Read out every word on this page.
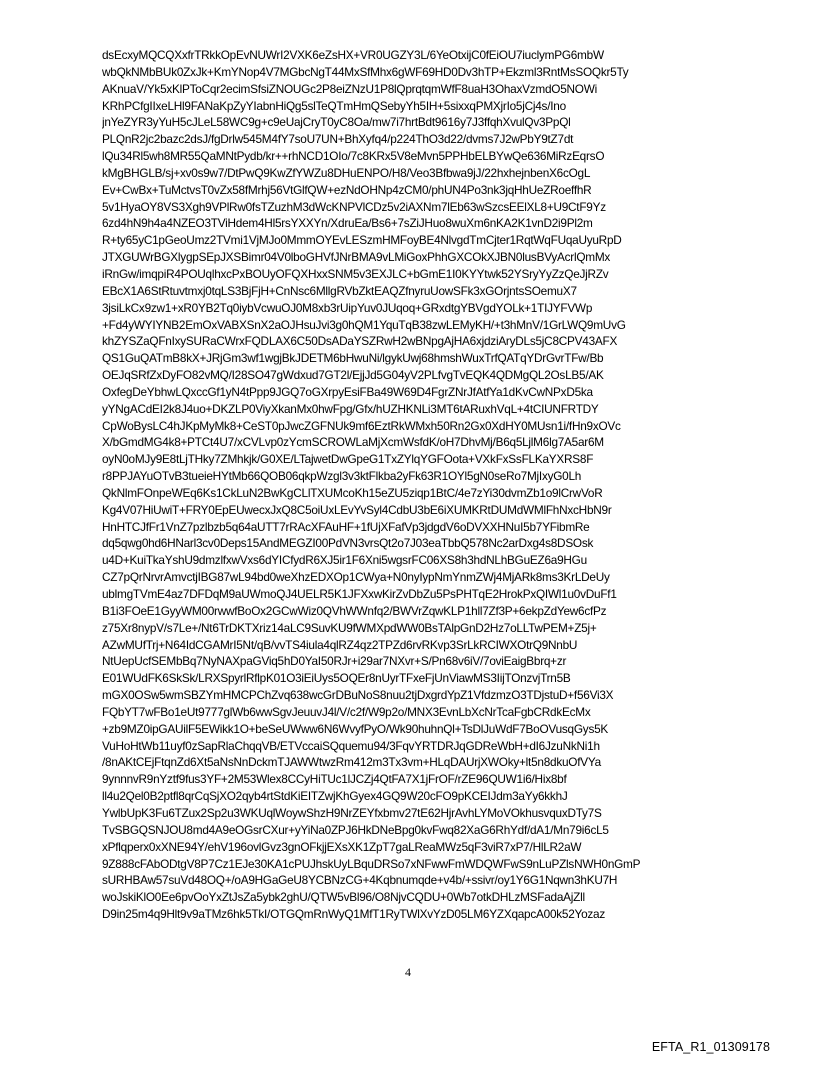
dsEcxyMQCQXxfrTRkkOpEvNUWrI2VXK6eZsHX+VR0UGZY3L/6YeOtxijC0fEiOU7iuclymPG6mbW
wbQkNMbBUk0ZxJk+KmYNop4V7MGbcNgT44MxSfMhx6gWF69HD0Dv3hTP+Ekzml3RntMsSOQkr5Ty
AKnuaV/Yk5xKlPToCqr2ecimSfsiZNOUGc2P8eiZNzU1P8lQprqtqmWfF8uaH3OhaxVzmdO5NOWi
KRhPCfgIIxeLHl9FANaKpZyYIabnHiQg5slTeQTmHmQSebyYh5IH+5sixxqPMXjrIo5jCj4s/Ino
jnYeZYR3yYuH5cJLeL58WC9g+c9eUajCryT0yC8Oa/mw7i7hrtBdt9616y7J3ffqhXvulQv3PpQl
PLQnR2jc2bazc2dsJ/fgDrlw545M4fY7soU7UN+BhXyfq4/p224ThO3d22/dvms7J2wPbY9tZ7dt
lQu34Rl5wh8MR55QaMNtPydb/kr++rhNCD1OIo/7c8KRx5V8eMvn5PPHbELBYwQe636MiRzEqrsO
kMgBHGLB/sj+xv0s9w7/DtPwQ9KwZfYWZu8DHuENPO/H8/Veo3Bfbwa9jJ/22hxhejnbenX6cOgL
Ev+CwBx+TuMctvsT0vZx58fMrhj56VtGlfQW+ezNdOHNp4zCM0/phUN4Po3nk3jqHhUeZRoeffhR
5v1HyaOY8VS3Xgh9VPlRw0fsTZuzhM3dWcKNPVlCDz5v2iAXNm7lEb63wSzcsEElXL8+U9CtF9Yz
6zd4hN9h4a4NZEO3TViHdem4Hl5rsYXXYn/XdruEa/Bs6+7sZiJHuo8wuXm6nKA2K1vnD2i9Pl2m
R+ty65yC1pGeoUmz2TVmi1VjMJo0MmmOYEvLESzmHMFoyBE4NlvgdTmCjter1RqtWqFUqaUyuRpD
JTXGUWrBGXlygpSEpJXSBimr04V0lboGHVfJNrBMA9vLMiGoxPhhGXCOkXJBN0lusBVyAcrlQmMx
iRnGw/imqpiR4POUqlhxcPxBOUyOFQXHxxSNM5v3EXJLC+bGmE1I0KYYtwk52YSryYyZzQeJjRZv
EBcX1A6StRtuvtmxj0tqLS3BjFjH+CnNsc6MllgRVbZktEAQZfnyruUowSFk3xGOrjntsSOemuX7
3jsiLkCx9zw1+xR0YB2Tq0iybVcwuOJ0M8xb3rUipYuv0JUqoq+GRxdtgYBVgdYOLk+1TIJYFVWp
+Fd4yWYIYNB2EmOxVABXSnX2aOJHsuJvi3g0hQM1YquTqB38zwLEMyKH/+t3hMnV/1GrLWQ9mUvG
khZYSZaQFnIxySURaCWrxFQDLAX6C50DsADaYSZRwH2wBNpgAjHA6xjdziAryDLs5jC8CPV43AFX
QS1GuQATmB8kX+JRjGm3wf1wgjBkJDETM6bHwuNi/lgykUwj68hmshWuxTrfQATqYDrGvrTFw/Bb
OEJqSRfZxDyFO82vMQ/I28SO47gWdxud7GT2l/EjjJd5G04yV2PLfvgTvEQK4QDMgQL2OsLB5/AK
OxfegDeYbhwLQxccGf1yN4tPpp9JGQ7oGXrpyEsiFBa49W69D4FgrZNrJfAtfYa1dKvCwNPxD5ka
yYNgACdEI2k8J4uo+DKZLP0ViyXkanMx0hwFpg/Gfx/hUZHKNLi3MT6tARuxhVqL+4tCIUNFRTDY
CpWoBysLC4hJKpMyMk8+CeST0pJwcZGFNUk9mf6EztRkWMxh50Rn2Gx0XdHY0MUsn1i/fHn9xOVc
X/bGmdMG4k8+PTCt4U7/xCVLvp0zYcmSCROWLaMjXcmWsfdK/oH7DhvMj/B6q5LjlM6lg7A5ar6M
oyN0oMJy9E8tLjTHky7ZMhkjk/G0XE/LTajwetDwGpeG1TxZYlqYGFOota+VXkFxSsFLKaYXRS8F
r8PPJAYuOTvB3tueieHYtMb66QOB06qkpWzgl3v3ktFlkba2yFk63R1OYl5gN0seRo7MjIxyG0Lh
QkNlmFOnpeWEq6Ks1CkLuN2BwKgCLlTXUMcoKh15eZU5ziqp1BtC/4e7zYi30dvmZb1o9lCrwVoR
Kg4V07HiUwiT+FRY0EpEUwecxJxQ8C5oiUxLEvYvSyl4CdbU3bE6iXUMKRtDUMdWMlFhNxcHbN9r
HnHTCJfFr1VnZ7pzlbzb5q64aUTT7rRAcXFAuHF+1fUjXFafVp3jdgdV6oDVXXHNuI5b7YFibmRe
dq5qwg0hd6HNarl3cv0Deps15AndMEGZI00PdVN3vrsQt2o7J03eaTbbQ578Nc2arDxg4s8DSOsk
u4D+KuiTkaYshU9dmzlfxwVxs6dYICfydR6XJ5ir1F6Xni5wgsrFC06XS8h3hdNLhBGuEZ6a9HGu
CZ7pQrNrvrAmvctjIBG87wL94bd0weXhzEDXOp1CWya+N0nyIypNmYnmZWj4MjARk8ms3KrLDeUy
ublmgTVmE4az7DFDqM9aUWmoQJ4UELR5K1JFXxwKirZvDbZu5PsPHTqE2HrokPxQIWl1u0vDuFf1
B1i3FOeE1GyyWM00rwwfBoOx2GCwWiz0QVhWWnfq2/BWVrZqwKLP1hll7Zf3P+6ekpZdYew6cfPz
z75Xr8nypV/s7Le+/Nt6TrDKTXriz14aLC9SuvKU9fWMXpdWW0BsTAlpGnD2Hz7oLLTwPEM+Z5j+
AZwMUfTrj+N64IdCGAMrI5Nt/qB/vvTS4iula4qlRZ4qz2TPZd6rvRKvp3SrLkRCIWXOtrQ9NnbU
NtUepUcfSEMbBq7NyNAXpaGViq5hD0YaI50RJr+i29ar7NXvr+S/Pn68v6iV/7oviEaigBbrq+zr
E01WUdFK6SkSk/LRXSpyrlRflpK01O3iEiUys5OQEr8nUyrTFxeFjUnViawMS3IijTOnzvjTrn5B
mGX0OSw5wmSBZYmHMCPChZvq638wcGrDBuNoS8nuu2tjDxgrdYpZ1VfdzmzO3TDjstuD+f56Vi3X
FQbYT7wFBo1eUt9777glWb6wwSgvJeuuvJ4l/V/c2f/W9p2o/MNX3EvnLbXcNrTcaFgbCRdkEcMx
+zb9MZ0ipGAUilF5EWikk1O+beSeUWww6N6WvyfPyO/Wk90huhnQl+TsDlJuWdF7BoOVusqGys5K
VuHoHtWb11uyf0zSapRlaChqqVB/ETVccaiSQquemu94/3FqvYRTDRJqGDReWbH+dI6JzuNkNi1h
/8nAKtCEjFtqnZd6Xt5aNsNnDckmTJAWWtwzRm412m3Tx3vm+HLqDAUrjXWOky+lt5n8dkuOfVYa
9ynnnvR9nYztf9fus3YF+2M53Wlex8CCyHiTUc1lJCZj4QtFA7X1jFrOF/rZE96QUW1i6/Hix8bf
ll4u2Qel0B2ptfl8qrCqSjXO2qyb4rtStdKiEITZwjKhGyex4GQ9W20cFO9pKCEIJdm3aYy6kkhJ
YwlbUpK3Fu6TZux2Sp2u3WKUqlWoywShzH9NrZEYfxbmv27tE62HjrAvhLYMoVOkhusvquxDTy7S
TvSBGQSNJOU8md4A9eOGsrCXur+yYiNa0ZPJ6HkDNeBpg0kvFwq82XaG6RhYdf/dA1/Mn79i6cL5
xPflqperx0xXNE94Y/ehV196ovlGvz3gnOFkjjEXsXK1ZpT7gaLReaMWz5qF3viR7xP7/HlLR2aW
9Z888cFAbODtgV8P7Cz1EJe30KA1cPUJhskUyLBquDRSo7xNFwwFmWDQWFwS9nLuPZlsNWH0nGmP
sURHBAw57suVd48OQ+/oA9HGaGeU8YCBNzCG+4Kqbnumqde+v4b/+ssivr/oy1Y6G1Nqwn3hKU7H
woJskiKlO0Ee6pvOoYxZtJsZa5ybk2ghU/QTW5vBl96/O8NjvCQDU+0Wb7otkDHLzMSFadaAjZll
D9in25m4q9Hlt9v9aTMz6hk5TkI/OTGQmRnWyQ1MfT1RyTWlXvYzD05LM6YZXqapcA00k52Yozaz
4
EFTA_R1_01309178
